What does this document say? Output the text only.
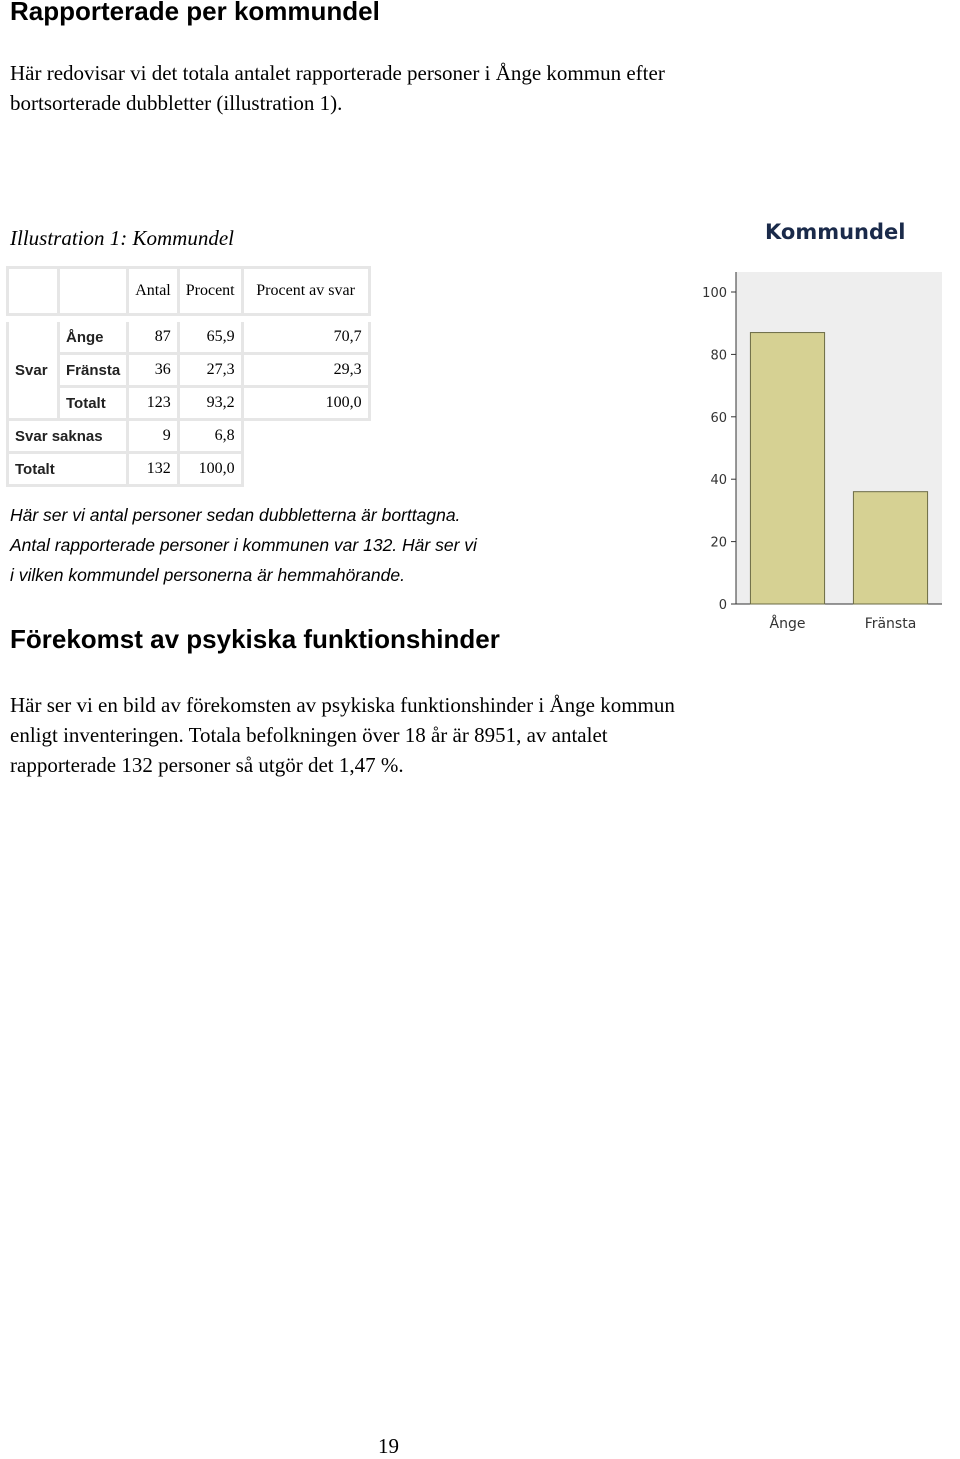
Rapporterade per kommundel
Här redovisar vi det totala antalet rapporterade personer i Ånge kommun efter
bortsorterade dubbletter (illustration 1).
Illustration 1: Kommundel
		Antal	Procent	Procent av svar

Svar	Ånge	87	65,9	70,7
	Fränsta	36	27,3	29,3
	Totalt	123	93,2	100,0
Svar saknas		9	6,8	
Totalt		132	100,0	
Här ser vi antal personer sedan dubbletterna är borttagna.
Antal rapporterade personer i kommunen var 132. Här ser vi
i vilken kommundel personerna är hemmahörande.
Kommundel
0
20
40
60
80
100
Ånge	Fränsta
Förekomst av psykiska funktionshinder
Här ser vi en bild av förekomsten av psykiska funktionshinder i Ånge kommun
enligt inventeringen. Totala befolkningen över 18 år är 8951, av antalet
rapporterade 132 personer så utgör det 1,47 %.
19
